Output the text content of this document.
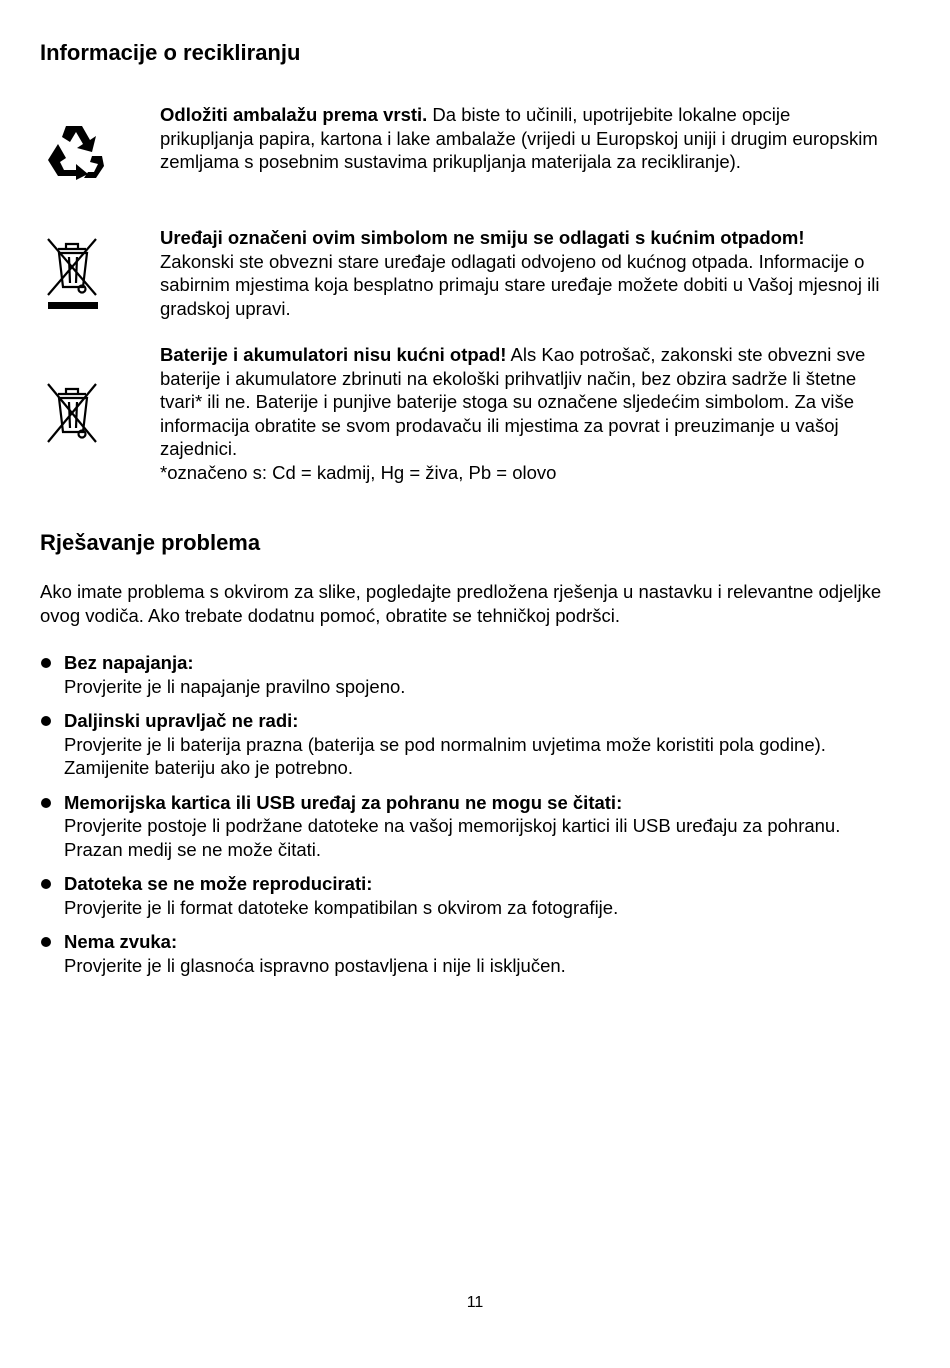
Informacije o recikliranju

Odložiti ambalažu prema vrsti. Da biste to učinili, upotrijebite lokalne opcije prikupljanja papira, kartona i lake ambalaže (vrijedi u Europskoj uniji i drugim europskim zemljama s posebnim sustavima prikupljanja materijala za recikliranje).

Uređaji označeni ovim simbolom ne smiju se odlagati s kućnim otpadom! Zakonski ste obvezni stare uređaje odlagati odvojeno od kućnog otpada. Informacije o sabirnim mjestima koja besplatno primaju stare uređaje možete dobiti u Vašoj mjesnoj ili gradskoj upravi.

Baterije i akumulatori nisu kućni otpad! Als Kao potrošač, zakonski ste obvezni sve baterije i akumulatore zbrinuti na ekološki prihvatljiv način, bez obzira sadrže li štetne tvari* ili ne. Baterije i punjive baterije stoga su označene sljedećim simbolom. Za više informacija obratite se svom prodavaču ili mjestima za povrat i preuzimanje u vašoj zajednici.
*označeno s: Cd = kadmij, Hg = živa, Pb = olovo
Rješavanje problema

Ako imate problema s okvirom za slike, pogledajte predložena rješenja u nastavku i relevantne odjeljke ovog vodiča. Ako trebate dodatnu pomoć, obratite se tehničkoj podršci.

Bez napajanja:
Provjerite je li napajanje pravilno spojeno.
Daljinski upravljač ne radi:
Provjerite je li baterija prazna (baterija se pod normalnim uvjetima može koristiti pola godine). Zamijenite bateriju ako je potrebno.
Memorijska kartica ili USB uređaj za pohranu ne mogu se čitati:
Provjerite postoje li podržane datoteke na vašoj memorijskoj kartici ili USB uređaju za pohranu. Prazan medij se ne može čitati.
Datoteka se ne može reproducirati:
Provjerite je li format datoteke kompatibilan s okvirom za fotografije.
Nema zvuka:
Provjerite je li glasnoća ispravno postavljena i nije li isključen.

11
